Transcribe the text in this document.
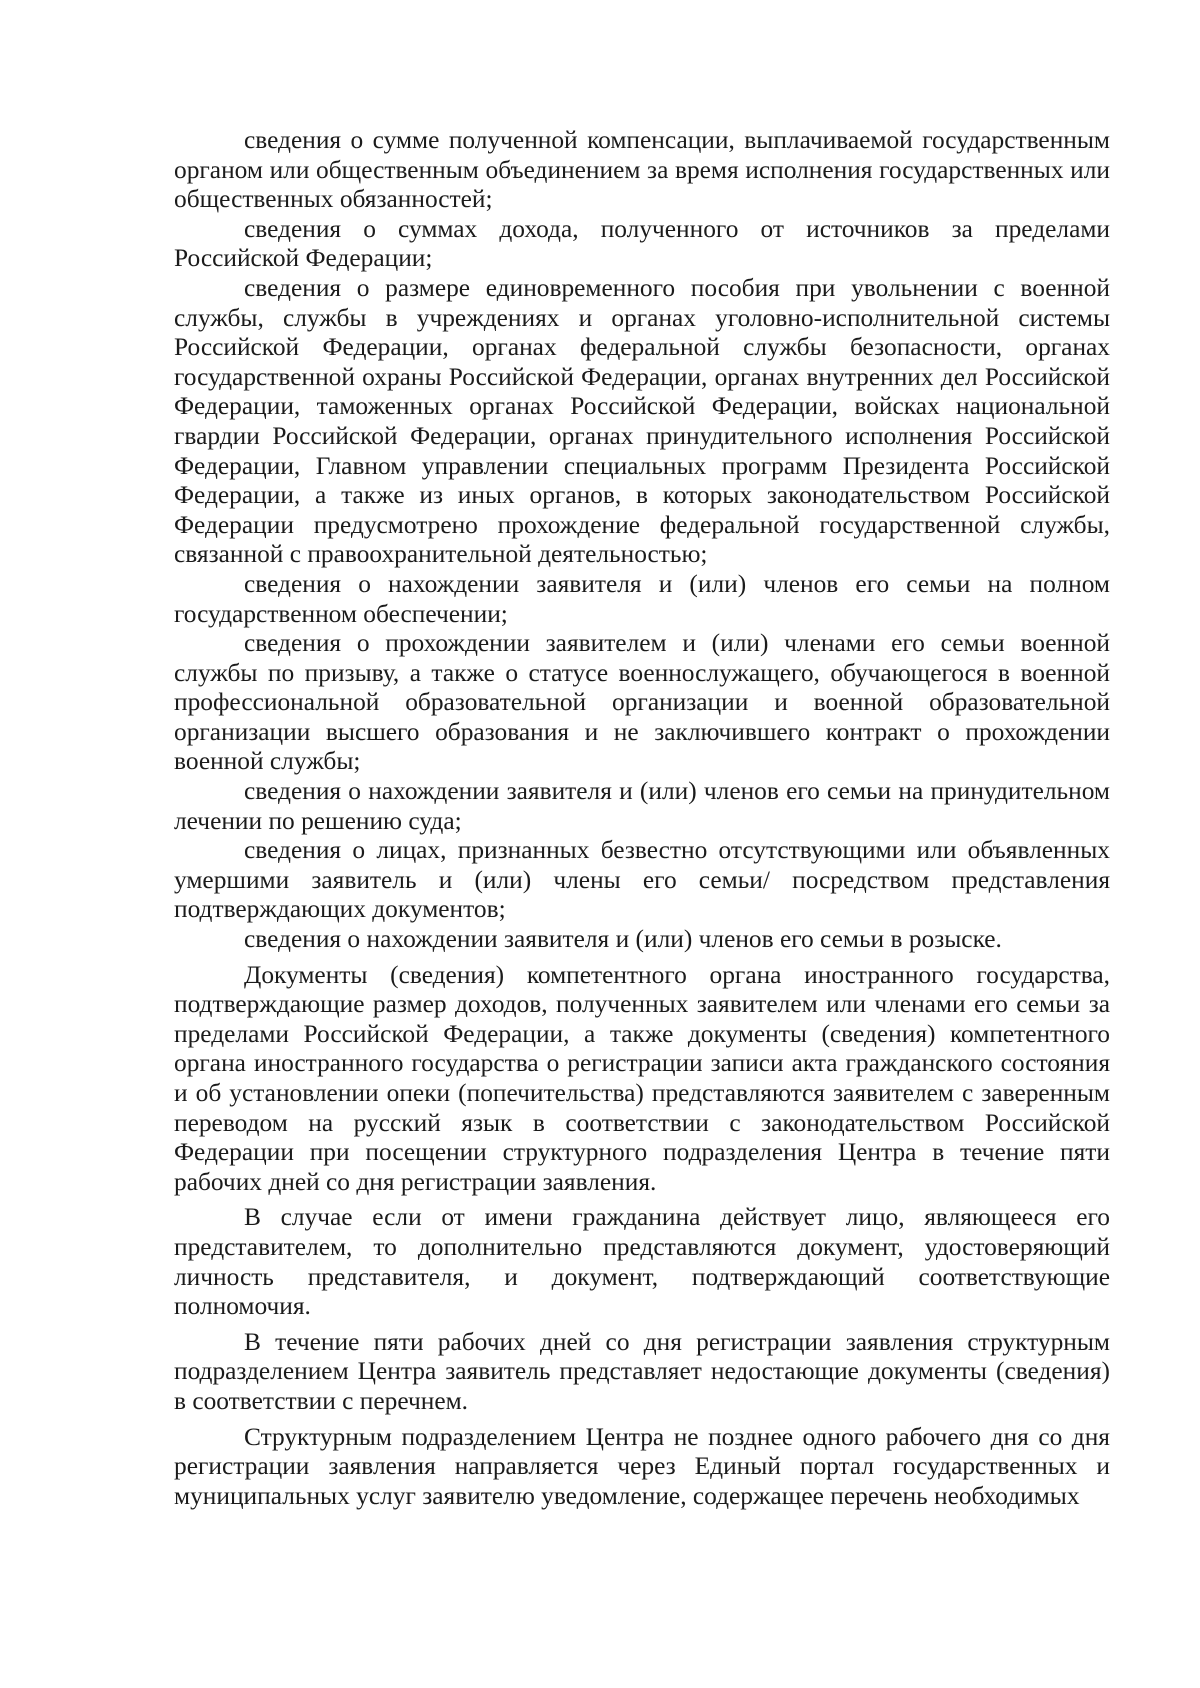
сведения о сумме полученной компенсации, выплачиваемой государственным органом или общественным объединением за время исполнения государственных или общественных обязанностей;

сведения о суммах дохода, полученного от источников за пределами Российской Федерации;

сведения о размере единовременного пособия при увольнении с военной службы, службы в учреждениях и органах уголовно-исполнительной системы Российской Федерации, органах федеральной службы безопасности, органах государственной охраны Российской Федерации, органах внутренних дел Российской Федерации, таможенных органах Российской Федерации, войсках национальной гвардии Российской Федерации, органах принудительного исполнения Российской Федерации, Главном управлении специальных программ Президента Российской Федерации, а также из иных органов, в которых законодательством Российской Федерации предусмотрено прохождение федеральной государственной службы, связанной с правоохранительной деятельностью;

сведения о нахождении заявителя и (или) членов его семьи на полном государственном обеспечении;

сведения о прохождении заявителем и (или) членами его семьи военной службы по призыву, а также о статусе военнослужащего, обучающегося в военной профессиональной образовательной организации и военной образовательной организации высшего образования и не заключившего контракт о прохождении военной службы;

сведения о нахождении заявителя и (или) членов его семьи на принудительном лечении по решению суда;

сведения о лицах, признанных безвестно отсутствующими или объявленных умершими заявитель и (или) члены его семьи/ посредством представления подтверждающих документов;

сведения о нахождении заявителя и (или) членов его семьи в розыске.

Документы (сведения) компетентного органа иностранного государства, подтверждающие размер доходов, полученных заявителем или членами его семьи за пределами Российской Федерации, а также документы (сведения) компетентного органа иностранного государства о регистрации записи акта гражданского состояния и об установлении опеки (попечительства) представляются заявителем с заверенным переводом на русский язык в соответствии с законодательством Российской Федерации при посещении структурного подразделения Центра в течение пяти рабочих дней со дня регистрации заявления.

В случае если от имени гражданина действует лицо, являющееся его представителем, то дополнительно представляются документ, удостоверяющий личность представителя, и документ, подтверждающий соответствующие полномочия.

В течение пяти рабочих дней со дня регистрации заявления структурным подразделением Центра заявитель представляет недостающие документы (сведения) в соответствии с перечнем.

Структурным подразделением Центра не позднее одного рабочего дня со дня регистрации заявления направляется через Единый портал государственных и муниципальных услуг заявителю уведомление, содержащее перечень необходимых
